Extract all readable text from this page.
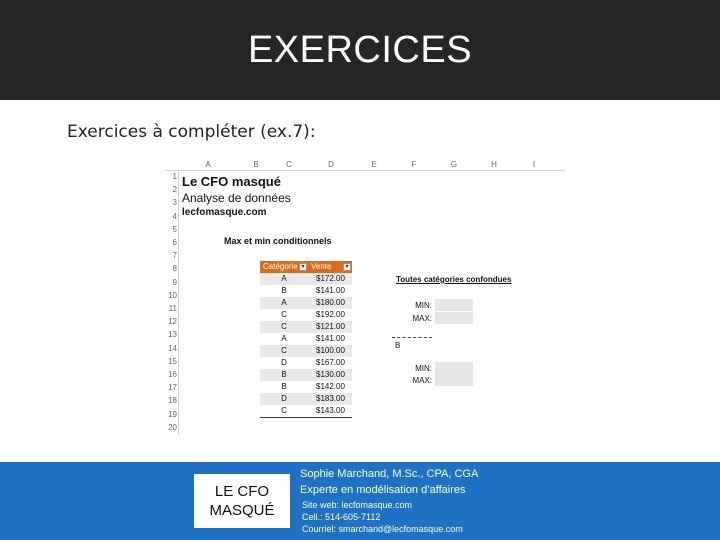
EXERCICES
Exercices à compléter (ex.7):
A	B	C	D	E	F	G	H	I
1
2
3
4
5
6
7
8
9
10
11
12
13
14
15
16
17
18
19
20
Le CFO masqué
Analyse de données
lecfomasque.com
Max et min conditionnels
Catégorie ▾ Vente	▾
A	$172.00
B	$141.00
A	$180.00
C	$192.00
C	$121.00
A	$141.00
C	$100.00
D	$167.00
B	$130.00
B	$142.00
D	$183.00
C	$143.00
Toutes catégories confondues
MIN:
MAX:
B
MIN:
MAX:
LE CFO
MASQUÉ
Sophie Marchand, M.Sc., CPA, CGA
Experte en modélisation d’affaires
Site web: lecfomasque.com
Cell.: 514-605-7112
Courriel: smarchand@lecfomasque.com
